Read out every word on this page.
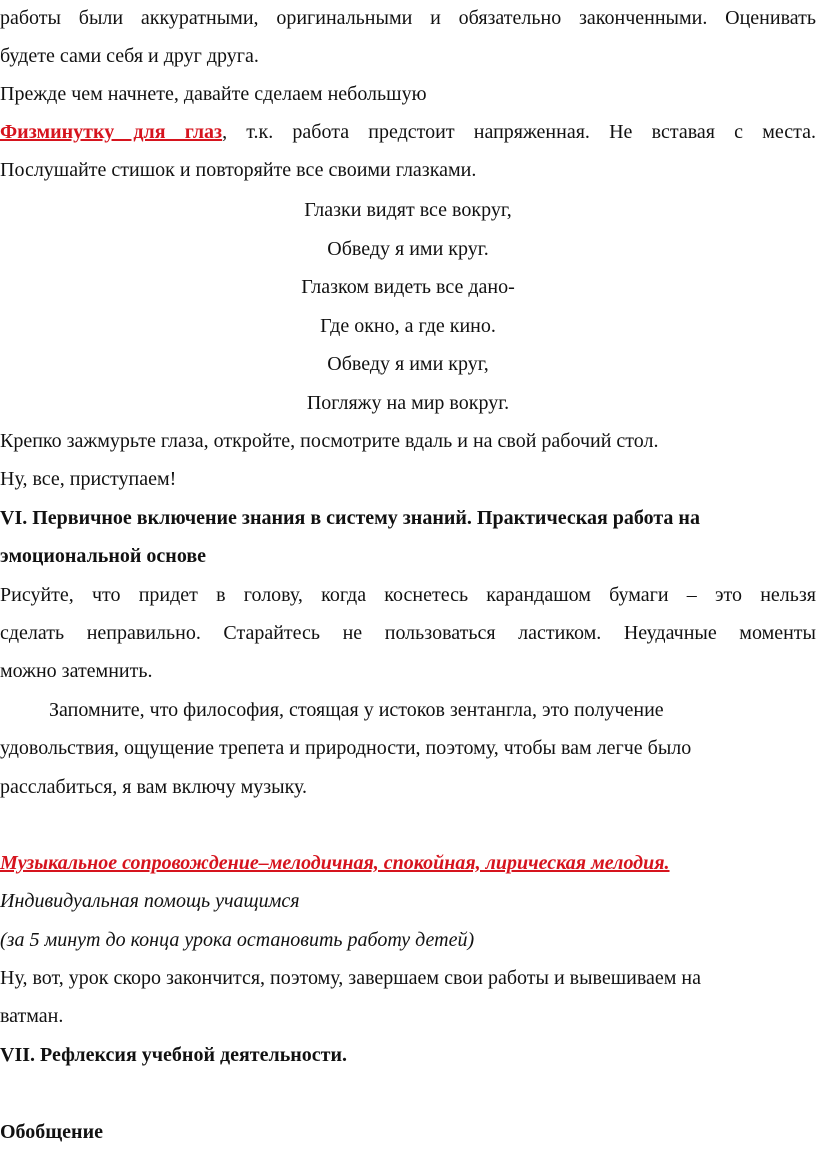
работы были аккуратными, оригинальными и обязательно законченными. Оценивать
будете сами себя и друг друга.
Прежде чем начнете, давайте сделаем небольшую
Физминутку для глаз, т.к. работа предстоит напряженная. Не вставая с места.
Послушайте стишок и повторяйте все своими глазками.
Глазки видят все вокруг,
Обведу я ими круг.
Глазком видеть все дано-
Где окно, а где кино.
Обведу я ими круг,
Погляжу на мир вокруг.
Крепко зажмурьте глаза, откройте, посмотрите вдаль и на свой рабочий стол.
Ну, все, приступаем!
VI. Первичное включение знания в систему знаний. Практическая работа на
эмоциональной основе
Рисуйте, что придет в голову, когда коснетесь карандашом бумаги – это нельзя
сделать неправильно. Старайтесь не пользоваться ластиком. Неудачные моменты
можно затемнить.
Запомните, что философия, стоящая у истоков зентангла, это получение
удовольствия, ощущение трепета и природности, поэтому, чтобы вам легче было
расслабиться, я вам включу музыку.
Музыкальное сопровождение–мелодичная, спокойная, лирическая мелодия.
Индивидуальная помощь учащимся
(за 5 минут до конца урока остановить работу детей)
Ну, вот, урок скоро закончится, поэтому, завершаем свои работы и вывешиваем на
ватман.
VII. Рефлексия учебной деятельности.
Обобщение
